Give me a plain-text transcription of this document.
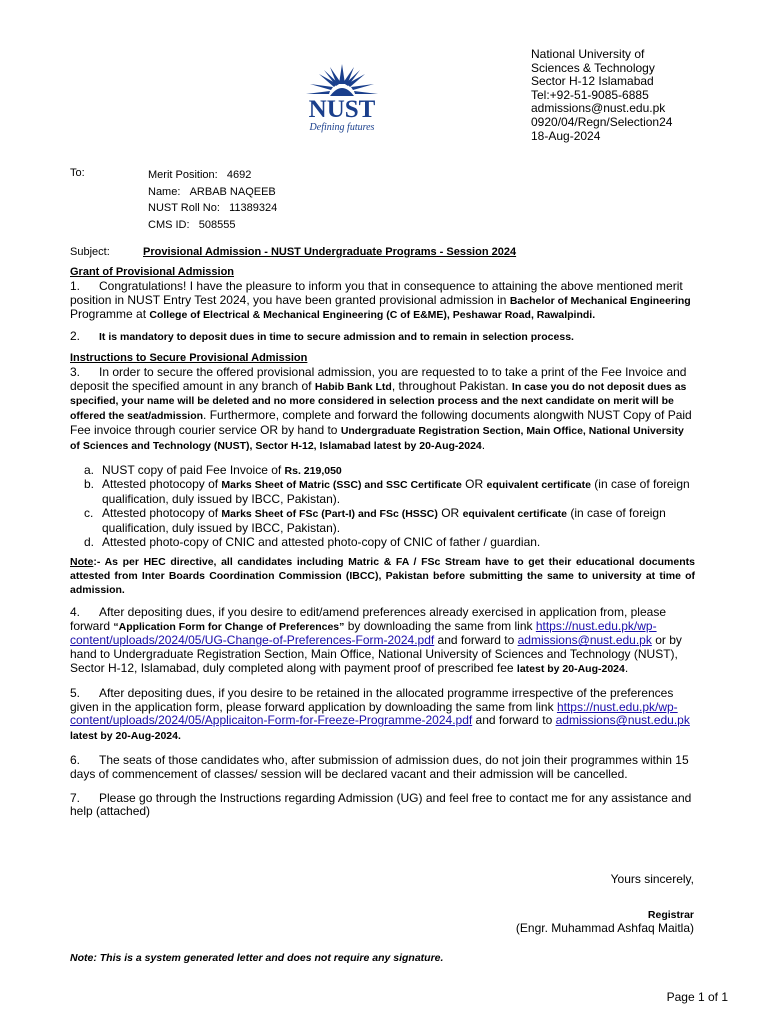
NUST
Defining futures
National University of
Sciences & Technology
Sector H-12 Islamabad
Tel:+92-51-9085-6885
admissions@nust.edu.pk
0920/04/Regn/Selection24
18-Aug-2024
To:	Merit Position: 4692
Name: ARBAB NAQEEB
NUST Roll No: 11389324
CMS ID: 508555
Subject:	Provisional Admission - NUST Undergraduate Programs - Session 2024
Grant of Provisional Admission

1. Congratulations! I have the pleasure to inform you that in consequence to attaining the above mentioned merit position in NUST Entry Test 2024, you have been granted provisional admission in Bachelor of Mechanical Engineering Programme at College of Electrical & Mechanical Engineering (C of E&ME), Peshawar Road, Rawalpindi.

2. It is mandatory to deposit dues in time to secure admission and to remain in selection process.

Instructions to Secure Provisional Admission

3. In order to secure the offered provisional admission, you are requested to to take a print of the Fee Invoice and deposit the specified amount in any branch of Habib Bank Ltd, throughout Pakistan. In case you do not deposit dues as specified, your name will be deleted and no more considered in selection process and the next candidate on merit will be offered the seat/admission. Furthermore, complete and forward the following documents alongwith NUST Copy of Paid Fee invoice through courier service OR by hand to Undergraduate Registration Section, Main Office, National University of Sciences and Technology (NUST), Sector H-12, Islamabad latest by 20-Aug-2024.

a. NUST copy of paid Fee Invoice of Rs. 219,050
b. Attested photocopy of Marks Sheet of Matric (SSC) and SSC Certificate OR equivalent certificate (in case of foreign qualification, duly issued by IBCC, Pakistan).
c. Attested photocopy of Marks Sheet of FSc (Part-I) and FSc (HSSC) OR equivalent certificate (in case of foreign qualification, duly issued by IBCC, Pakistan).
d. Attested photo-copy of CNIC and attested photo-copy of CNIC of father / guardian.

Note:- As per HEC directive, all candidates including Matric & FA / FSc Stream have to get their educational documents attested from Inter Boards Coordination Commission (IBCC), Pakistan before submitting the same to university at time of admission.

4. After depositing dues, if you desire to edit/amend preferences already exercised in application from, please forward “Application Form for Change of Preferences” by downloading the same from link https://nust.edu.pk/wp-content/uploads/2024/05/UG-Change-of-Preferences-Form-2024.pdf and forward to admissions@nust.edu.pk or by hand to Undergraduate Registration Section, Main Office, National University of Sciences and Technology (NUST), Sector H-12, Islamabad, duly completed along with payment proof of prescribed fee latest by 20-Aug-2024.

5. After depositing dues, if you desire to be retained in the allocated programme irrespective of the preferences given in the application form, please forward application by downloading the same from link https://nust.edu.pk/wp-content/uploads/2024/05/Applicaiton-Form-for-Freeze-Programme-2024.pdf and forward to admissions@nust.edu.pk latest by 20-Aug-2024.

6. The seats of those candidates who, after submission of admission dues, do not join their programmes within 15 days of commencement of classes/ session will be declared vacant and their admission will be cancelled.

7. Please go through the Instructions regarding Admission (UG) and feel free to contact me for any assistance and help (attached)

Yours sincerely,
Registrar
(Engr. Muhammad Ashfaq Maitla)
Note: This is a system generated letter and does not require any signature.
Page 1 of 1
